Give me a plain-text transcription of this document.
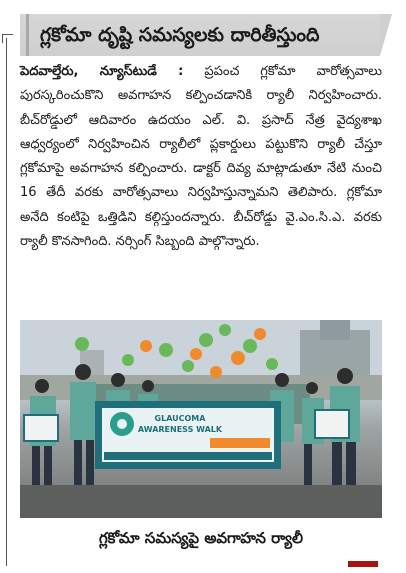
గ్లకోమా దృష్టి సమస్యలకు దారితీస్తుంది

పెదవాల్తేరు, న్యూస్‌టుడే : ప్రపంచ గ్లకోమా వారోత్సవాలు పురస్కరించుకొని అవగాహన కల్పించడానికి ర్యాలీ నిర్వహించారు. బీచ్‌రోడ్డులో ఆదివారం ఉదయం ఎల్. వి. ప్రసాద్ నేత్ర వైద్యశాఖ ఆధ్వర్యంలో నిర్వహించిన ర్యాలీలో ప్లకార్డులు పట్టుకొని ర్యాలీ చేస్తూ గ్లకోమాపై అవగాహన కల్పించారు. డాక్టర్ దివ్య మాట్లాడుతూ నేటి నుంచి 16 తేదీ వరకు వారోత్సవాలు నిర్వహిస్తున్నామని తెలిపారు. గ్లకోమా అనేది కంటిపై ఒత్తిడిని కల్గిస్తుందన్నారు. బీచ్‌రోడ్డు వై.ఎం.సి.ఎ. వరకు ర్యాలీ కొనసాగింది. నర్సింగ్ సిబ్బంది పాల్గొన్నారు.

GLAUCOMA
AWARENESS WALK
గ్లకోమా సమస్యపై అవగాహన ర్యాలీ
